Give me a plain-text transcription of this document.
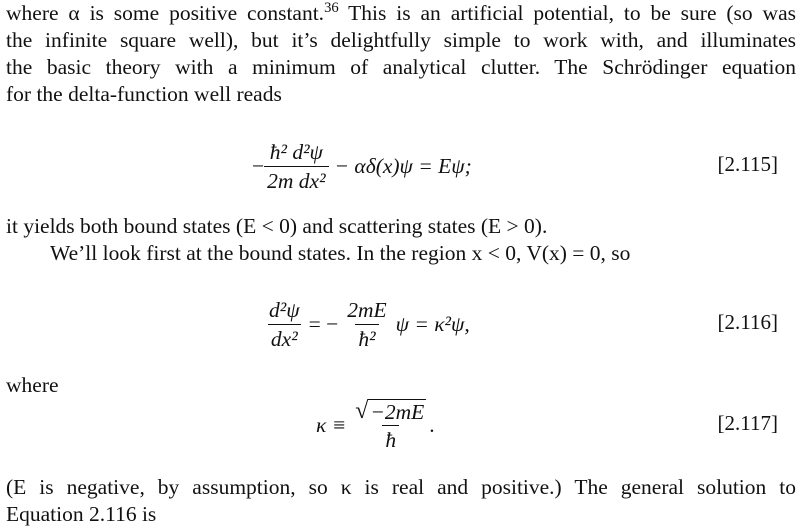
where α is some positive constant.$^{36}$ This is an artificial potential, to be sure (so was
the infinite square well), but it’s delightfully simple to work with, and illuminates
the basic theory with a minimum of analytical clutter. The Schrödinger equation
for the delta-function well reads
− $\frac{\text{ħ² d²ψ}}{\text{2m dx²}} - \alpha\delta(x)\psi = E\psi$;	[2.115]
it yields both bound states (E < 0) and scattering states (E > 0).
We’ll look first at the bound states. In the region x < 0, V(x) = 0, so
$\frac{\text{d²ψ}}{\text{dx²}}$ = − $\frac{2mE}{\text{ħ²}}$ ψ = κ²ψ,	[2.116]
where
$\kappa \equiv \frac{√ -2mE}{ħ}$ .	[2.117]
(E is negative, by assumption, so κ is real and positive.) The general solution to
Equation 2.116 is
